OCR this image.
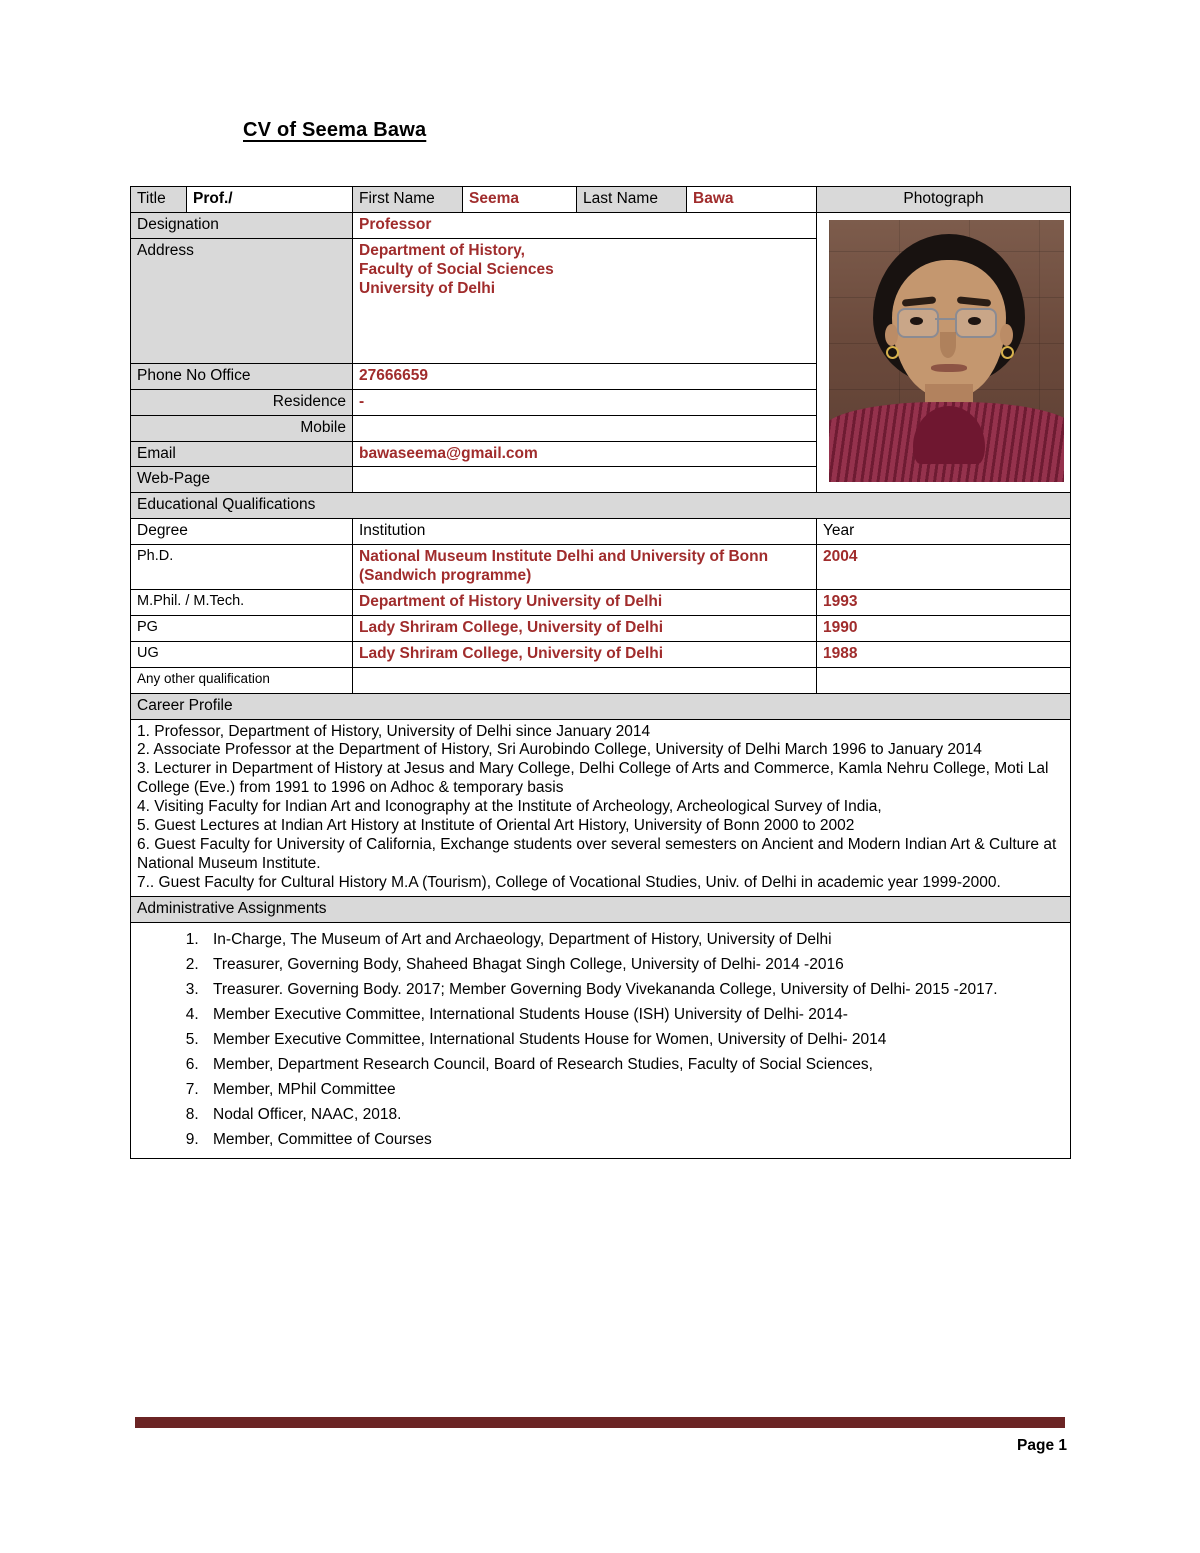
CV of Seema Bawa
Title	Prof./	First Name	Seema	Last Name	Bawa	Photograph
Designation		Professor				

Address		Department of History,
Faculty of Social Sciences
University of Delhi				

Phone No Office		27666659				
Residence		-				
Mobile						
Email		bawaseema@gmail.com				
Web-Page						
Educational Qualifications						
Degree		Institution				Year
Ph.D.		National Museum Institute Delhi and University of Bonn (Sandwich programme)				2004
M.Phil. / M.Tech.		Department of History University of Delhi				1993
PG		Lady Shriram College, University of Delhi				1990
UG		Lady Shriram College, University of Delhi				1988
Any other qualification						
Career Profile						

1. Professor, Department of History, University of Delhi since January 2014

2. Associate Professor at the Department of History, Sri Aurobindo College, University of Delhi March 1996 to January 2014

3. Lecturer in Department of History at Jesus and Mary College, Delhi College of Arts and Commerce, Kamla Nehru College, Moti Lal College (Eve.) from 1991 to 1996 on Adhoc & temporary basis

4. Visiting Faculty for Indian Art and Iconography at the Institute of Archeology, Archeological Survey of India,

5. Guest Lectures at Indian Art History at Institute of Oriental Art History, University of Bonn 2000 to 2002

6. Guest Faculty for University of California, Exchange students over several semesters on Ancient and Modern Indian Art & Culture at National Museum Institute.

7.. Guest Faculty for Cultural History M.A (Tourism), College of Vocational Studies, Univ. of Delhi in academic year 1999-2000.

Administrative Assignments						

1. In-Charge, The Museum of Art and Archaeology, Department of History, University of Delhi
2. Treasurer, Governing Body, Shaheed Bhagat Singh College, University of Delhi- 2014 -2016
3. Treasurer. Governing Body. 2017; Member Governing Body Vivekananda College, University of Delhi- 2015 -2017.
4. Member Executive Committee, International Students House (ISH) University of Delhi- 2014-
5. Member Executive Committee, International Students House for Women, University of Delhi- 2014
6. Member, Department Research Council, Board of Research Studies, Faculty of Social Sciences,
7. Member, MPhil Committee
8. Nodal Officer, NAAC, 2018.
9. Member, Committee of Courses
Page 1
